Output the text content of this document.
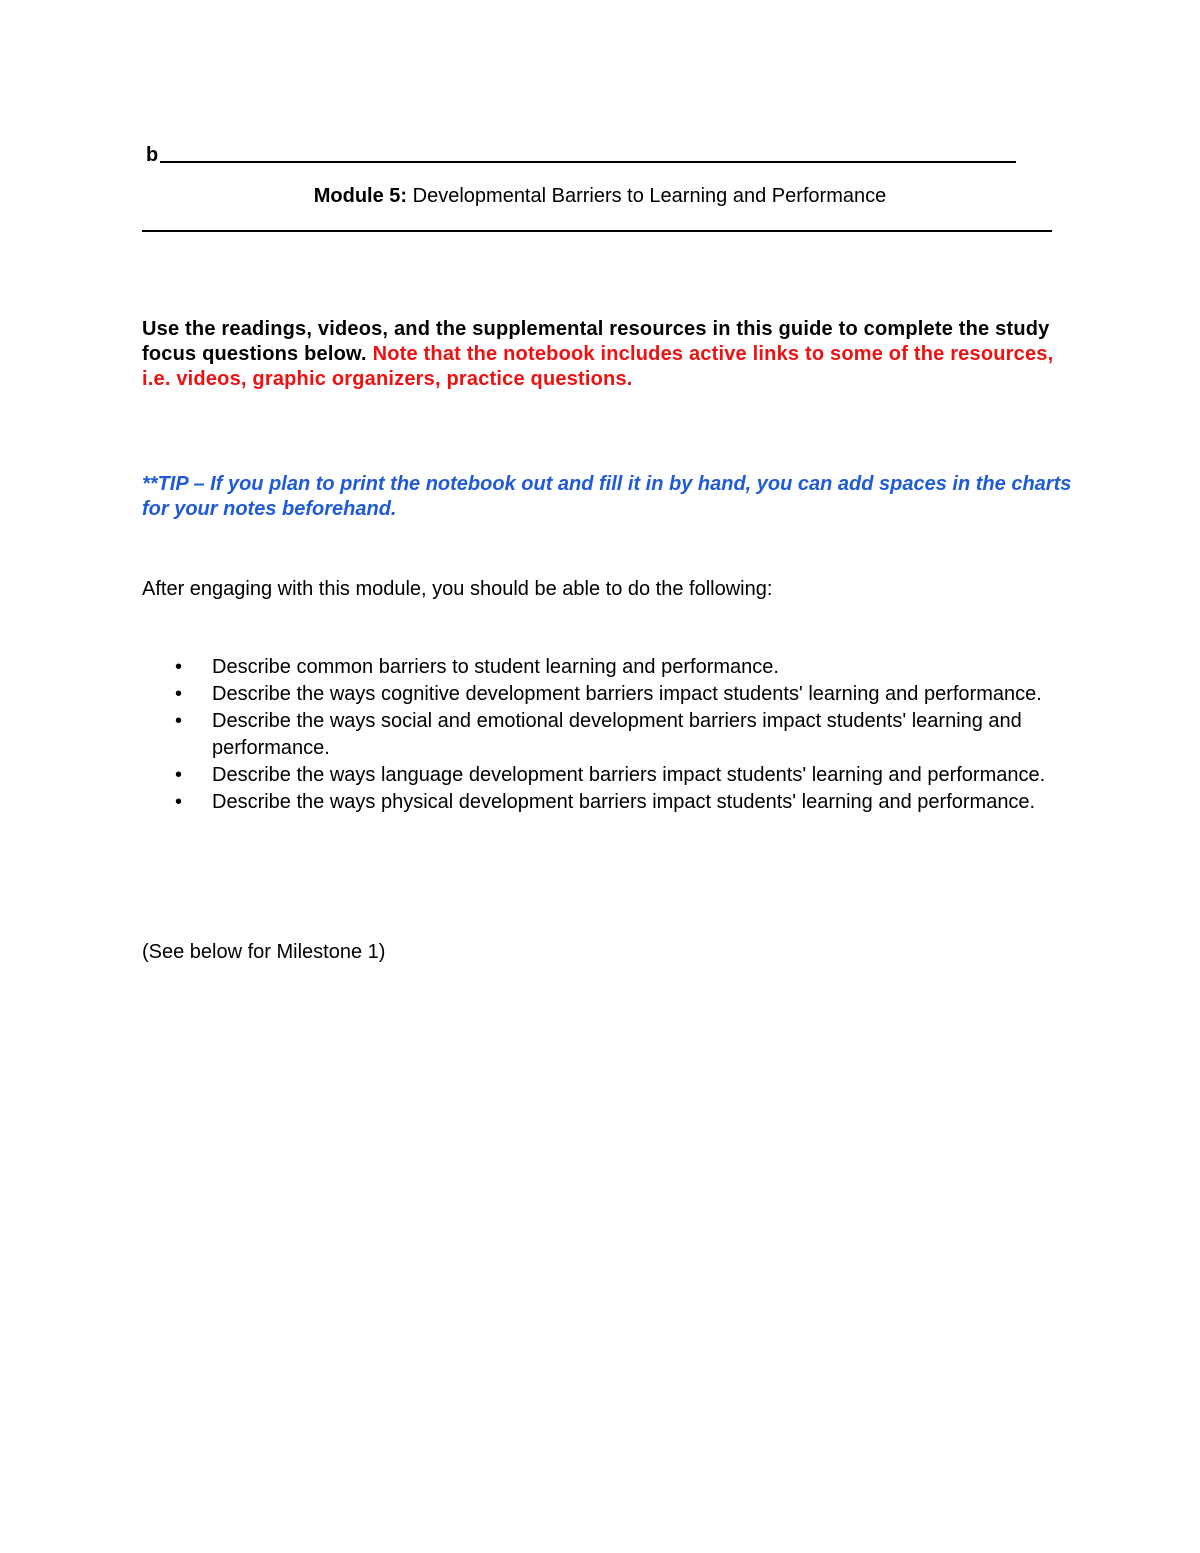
b
Module 5: Developmental Barriers to Learning and Performance
Use the readings, videos, and the supplemental resources in this guide to complete the study focus questions below. Note that the notebook includes active links to some of the resources, i.e. videos, graphic organizers, practice questions.
**TIP – If you plan to print the notebook out and fill it in by hand, you can add spaces in the charts for your notes beforehand.
After engaging with this module, you should be able to do the following:
• Describe common barriers to student learning and performance.
• Describe the ways cognitive development barriers impact students' learning and performance.
• Describe the ways social and emotional development barriers impact students' learning and performance.
• Describe the ways language development barriers impact students' learning and performance.
• Describe the ways physical development barriers impact students' learning and performance.
(See below for Milestone 1)
